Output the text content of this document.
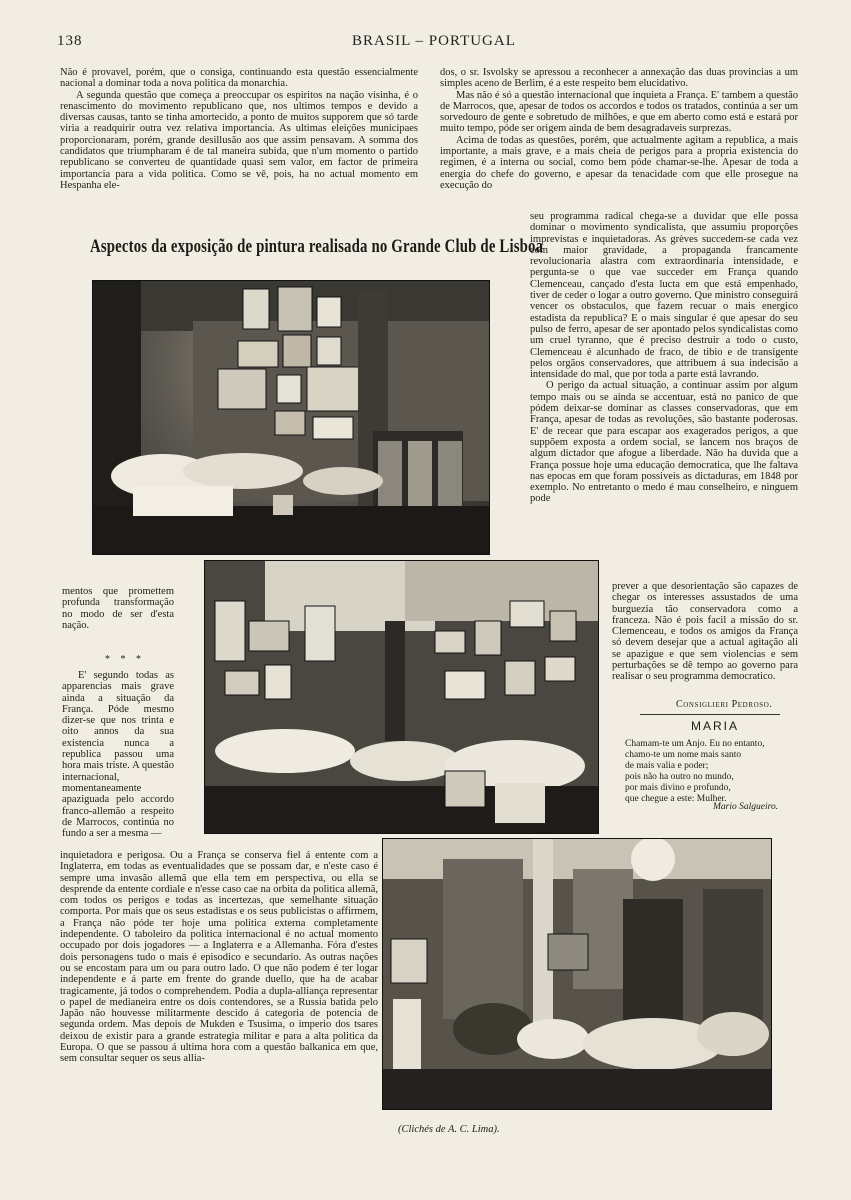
138	BRASIL – PORTUGAL

Não é provavel, porém, que o consiga, continuando esta questão essencialmente nacional a dominar toda a nova politica da monarchia.

A segunda questão que começa a preoccupar os espiritos na nação visinha, é o renascimento do movimento republicano que, nos ultimos tempos e devido a diversas causas, tanto se tinha amortecido, a ponto de muitos supporem que só tarde viria a readquirir outra vez relativa importancia. As ultimas eleições municipaes proporcionaram, porém, grande desillusão aos que assim pensavam. A somma dos candidatos que triumpharam é de tal maneira subida, que n'um momento o partido republicano se converteu de quantidade quasi sem valor, em factor de primeira importancia para a vida politica. Como se vê, pois, ha no actual momento em Hespanha ele-

dos, o sr. Isvolsky se apressou a reconhecer a annexação das duas provincias a um simples aceno de Berlim, é a este respeito bem elucidativo.

Mas não é só a questão internacional que inquieta a França. E' tambem a questão de Marrocos, que, apesar de todos os accordos e todos os tratados, continúa a ser um sorvedouro de gente e sobretudo de milhões, e que em aberto como está e estará por muito tempo, póde ser origem ainda de bem desagradaveis surprezas.

Acima de todas as questões, porém, que actualmente agitam a republica, a mais importante, a mais grave, e a mais cheia de perigos para a propria existencia do regimen, é a interna ou social, como bem póde chamar-se-lhe. Apesar de toda a energia do chefe do governo, e apesar da tenacidade com que elle prosegue na execução do

Aspectos da exposição de pintura realisada no Grande Club de Lisboa

seu programma radical chega-se a duvidar que elle possa dominar o movimento syndicalista, que assumiu proporções imprevistas e inquietadoras. As grèves succedem-se cada vez com maior gravidade, a propaganda francamente revolucionaria alastra com extraordinaria intensidade, e pergunta-se o que vae succeder em França quando Clemenceau, cançado d'esta lucta em que está empenhado, tiver de ceder o logar a outro governo. Que ministro conseguirá vencer os obstaculos, que fazem recuar o mais energico estadista da republica? E o mais singular é que apesar do seu pulso de ferro, apesar de ser apontado pelos syndicalistas como um cruel tyranno, que é preciso destruir a todo o custo, Clemenceau é alcunhado de fraco, de tibio e de transigente pelos orgãos conservadores, que attribuem á sua indecisão a intensidade do mal, que por toda a parte está lavrando.

O perigo da actual situação, a continuar assim por algum tempo mais ou se ainda se accentuar, está no panico de que pódem deixar-se dominar as classes conservadoras, que em França, apesar de todas as revoluções, são bastante poderosas. E' de recear que para escapar aos exagerados perigos, a que suppõem exposta a ordem social, se lancem nos braços de algum dictador que afogue a liberdade. Não ha duvida que a França possue hoje uma educação democratica, que lhe faltava nas epocas em que foram possiveis as dictaduras, em 1848 por exemplo. No entretanto o medo é mau conselheiro, e ninguem pode

prever a que desorientação são capazes de chegar os interesses assustados de uma burguezia tão conservadora como a franceza. Não é pois facil a missão do sr. Clemenceau, e todos os amigos da França só devem desejar que a actual agitação ali se apazigue e que sem violencias e sem perturbações se dê tempo ao governo para realisar o seu programma democratico.

Consiglieri Pedroso.
MARIA
Chamam-te um Anjo. Eu no entanto,
chamo-te um nome mais santo
de mais valia e poder;
pois não ha outro no mundo,
por mais divino e profundo,
que chegue a este: Mulher.
Mario Salgueiro.

mentos que promettem profunda transformação no modo de ser d'esta nação.

* * *

E' segundo todas as apparencias mais grave ainda a situação da França. Póde mesmo dizer-se que nos trinta e oito annos da sua existencia nunca a republica passou uma hora mais triste. A questão internacional, momentaneamente apaziguada pelo accordo franco-allemão a respeito de Marrocos, continúa no fundo a ser a mesma —

inquietadora e perigosa. Ou a França se conserva fiel á entente com a Inglaterra, em todas as eventualidades que se possam dar, e n'este caso é sempre uma invasão allemã que ella tem em perspectiva, ou ella se desprende da entente cordiale e n'esse caso cae na orbita da politica allemã, com todos os perigos e todas as incertezas, que semelhante situação comporta. Por mais que os seus estadistas e os seus publicistas o affirmem, a França não póde ter hoje uma politica externa completamente independente. O taboleiro da politica internacional é no actual momento occupado por dois jogadores — a Inglaterra e a Allemanha. Fóra d'estes dois personagens tudo o mais é episodico e secundario. As outras nações ou se encostam para um ou para outro lado. O que não podem é ter logar independente e á parte em frente do grande duello, que ha de acabar tragicamente, já todos o comprehendem. Podia a dupla-alliança representar o papel de medianeira entre os dois contendores, se a Russia batida pelo Japão não houvesse militarmente descido á categoria de potencia de segunda ordem. Mas depois de Mukden e Tsusima, o imperio dos tsares deixou de existir para a grande estrategia militar e para a alta politica da Europa. O que se passou á ultima hora com a questão balkanica em que, sem consultar sequer os seus allia-

(Clichés de A. C. Lima).
